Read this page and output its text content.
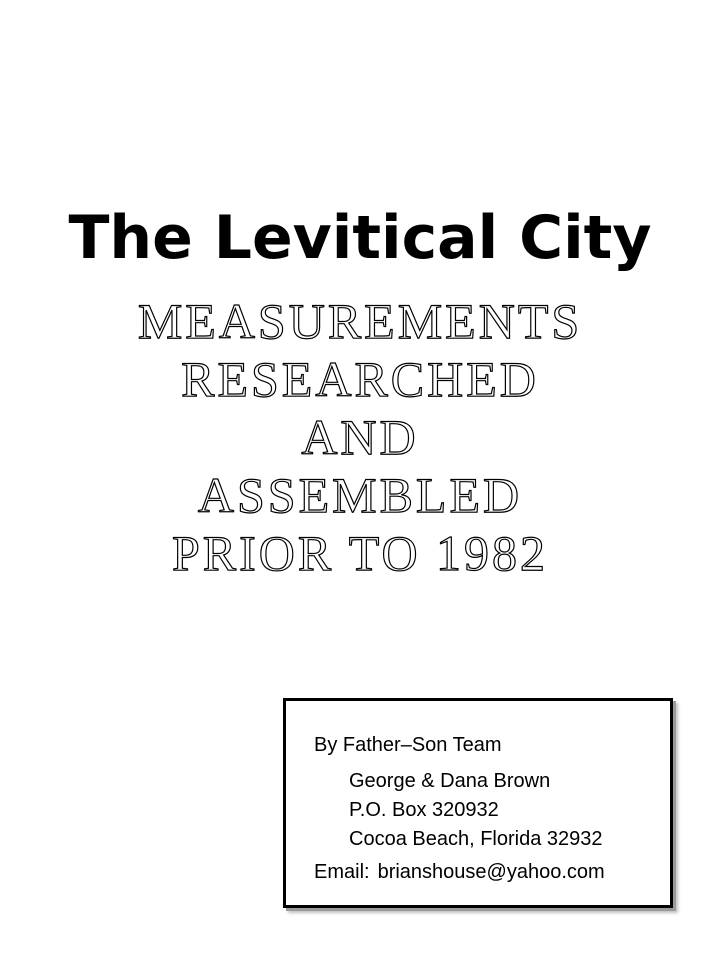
The Levitical City
MEASUREMENTS
RESEARCHED
AND
ASSEMBLED
PRIOR TO 1982

By Father–Son Team

George & Dana Brown
P.O. Box 320932
Cocoa Beach, Florida 32932

Email: brianshouse@yahoo.com
